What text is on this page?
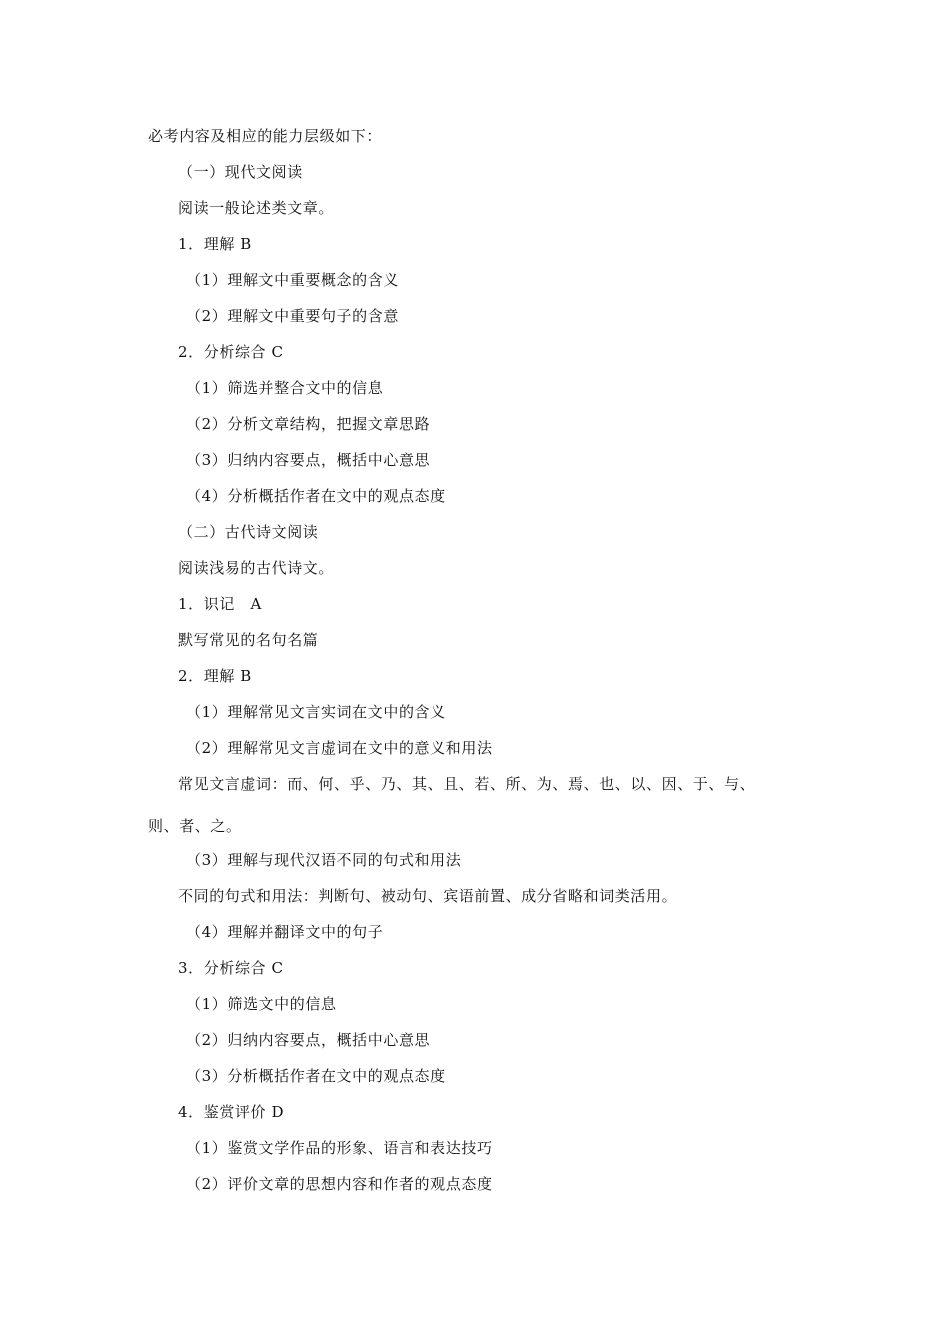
必考内容及相应的能力层级如下：
（一）现代文阅读
阅读一般论述类文章。
1．理解 B
（1）理解文中重要概念的含义
（2）理解文中重要句子的含意
2．分析综合 C
（1）筛选并整合文中的信息
（2）分析文章结构，把握文章思路
（3）归纳内容要点，概括中心意思
（4）分析概括作者在文中的观点态度
（二）古代诗文阅读
阅读浅易的古代诗文。
1．识记　A
默写常见的名句名篇
2．理解 B
（1）理解常见文言实词在文中的含义
（2）理解常见文言虚词在文中的意义和用法
常见文言虚词：而、何、乎、乃、其、且、若、所、为、焉、也、以、因、于、与、
则、者、之。
（3）理解与现代汉语不同的句式和用法
不同的句式和用法：判断句、被动句、宾语前置、成分省略和词类活用。
（4）理解并翻译文中的句子
3．分析综合 C
（1）筛选文中的信息
（2）归纳内容要点，概括中心意思
（3）分析概括作者在文中的观点态度
4．鉴赏评价 D
（1）鉴赏文学作品的形象、语言和表达技巧
（2）评价文章的思想内容和作者的观点态度
